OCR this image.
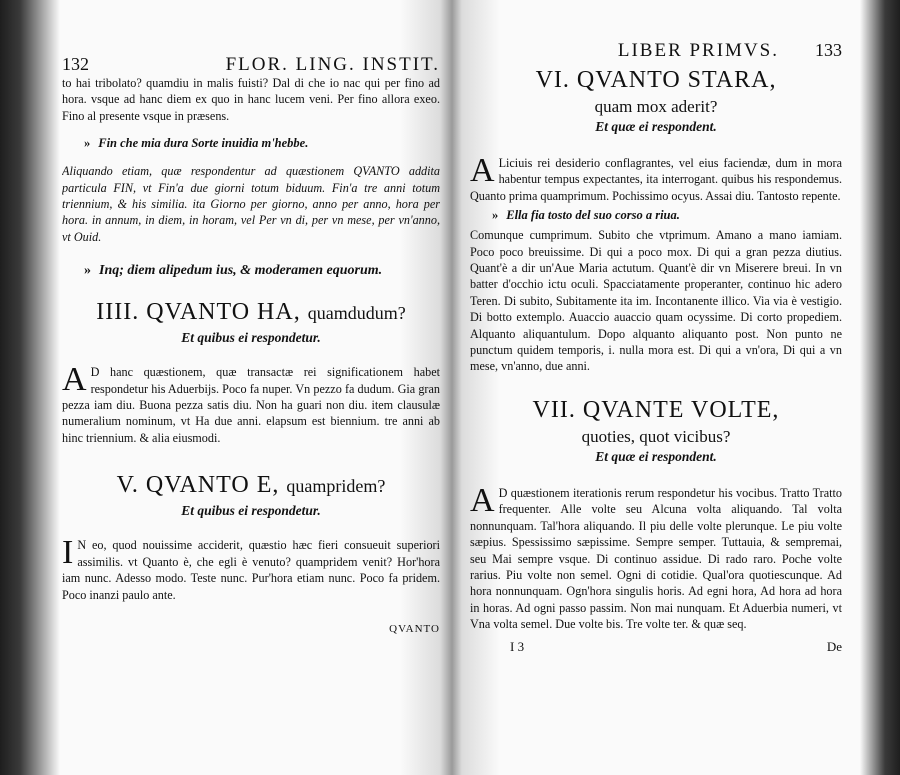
132	FLOR. LING. INSTIT.

to hai tribolato? quamdiu in malis fuisti? Dal di che io nac qui per fino ad hora. vsque ad hanc diem ex quo in hanc lucem veni. Per fino allora exeo. Fino al presente vsque in præsens.

» Fin che mia dura Sorte inuidia m'hebbe.

Aliquando etiam, quæ respondentur ad quæstionem QVANTO addita particula FIN, vt Fin'a due giorni totum biduum. Fin'a tre anni totum triennium, & his similia. ita Giorno per giorno, anno per anno, hora per hora. in annum, in diem, in horam, vel Per vn di, per vn mese, per vn'anno, vt Ouid.

» Inq; diem alipedum ius, & moderamen equorum.
IIII. QVANTO HA, quamdudum?
Et quibus ei respondetur.

A D hanc quæstionem, quæ transactæ rei significationem habet respondetur his Aduerbijs. Poco fa nuper. Vn pezzo fa dudum. Gia gran pezza iam diu. Buona pezza satis diu. Non ha guari non diu. item clausulæ numeralium nominum, vt Ha due anni. elapsum est biennium. tre anni ab hinc triennium. & alia eiusmodi.

V. QVANTO E, quampridem?
Et quibus ei respondetur.

I N eo, quod nouissime acciderit, quæstio hæc fieri consueuit superiori assimilis. vt Quanto è, che egli è venuto? quampridem venit? Hor'hora iam nunc. Adesso modo. Teste nunc. Pur'hora etiam nunc. Poco fa pridem. Poco inanzi paulo ante.

QVANTO
LIBER PRIMVS. 133
VI. QVANTO STARA,
quam mox aderit?
Et quæ ei respondent.

A Liciuis rei desiderio conflagrantes, vel eius faciendæ, dum in mora habentur tempus expectantes, ita interrogant. quibus his respondemus. Quanto prima quamprimum. Pochissimo ocyus. Assai diu. Tantosto repente.

» Ella fia tosto del suo corso a riua.

Comunque cumprimum. Subito che vtprimum. Amano a mano iamiam. Poco poco breuissime. Di qui a poco mox. Di qui a gran pezza diutius. Quant'è a dir un'Aue Maria actutum. Quant'è dir vn Miserere breui. In vn batter d'occhio ictu oculi. Spacciatamente properanter, continuo hic adero Teren. Di subito, Subitamente ita im. Incontanente illico. Via via è vestigio. Di botto extemplo. Auaccio auaccio quam ocyssime. Di corto propediem. Alquanto aliquantulum. Dopo alquanto aliquanto post. Non punto ne punctum quidem temporis, i. nulla mora est. Di qui a vn'ora, Di qui a vn mese, vn'anno, due anni.

VII. QVANTE VOLTE,
quoties, quot vicibus?
Et quæ ei respondent.

A D quæstionem iterationis rerum respondetur his vocibus. Tratto Tratto frequenter. Alle volte seu Alcuna volta aliquando. Tal volta nonnunquam. Tal'hora aliquando. Il piu delle volte plerunque. Le piu volte sæpius. Spessissimo sæpissime. Sempre semper. Tuttauia, & sempremai, seu Mai sempre vsque. Di continuo assidue. Di rado raro. Poche volte rarius. Piu volte non semel. Ogni di cotidie. Qual'ora quotiescunque. Ad hora nonnunquam. Ogn'hora singulis horis. Ad egni hora, Ad hora ad hora in horas. Ad ogni passo passim. Non mai nunquam. Et Aduerbia numeri, vt Vna volta semel. Due volte bis. Tre volte ter. & quæ seq.

I 3	De
